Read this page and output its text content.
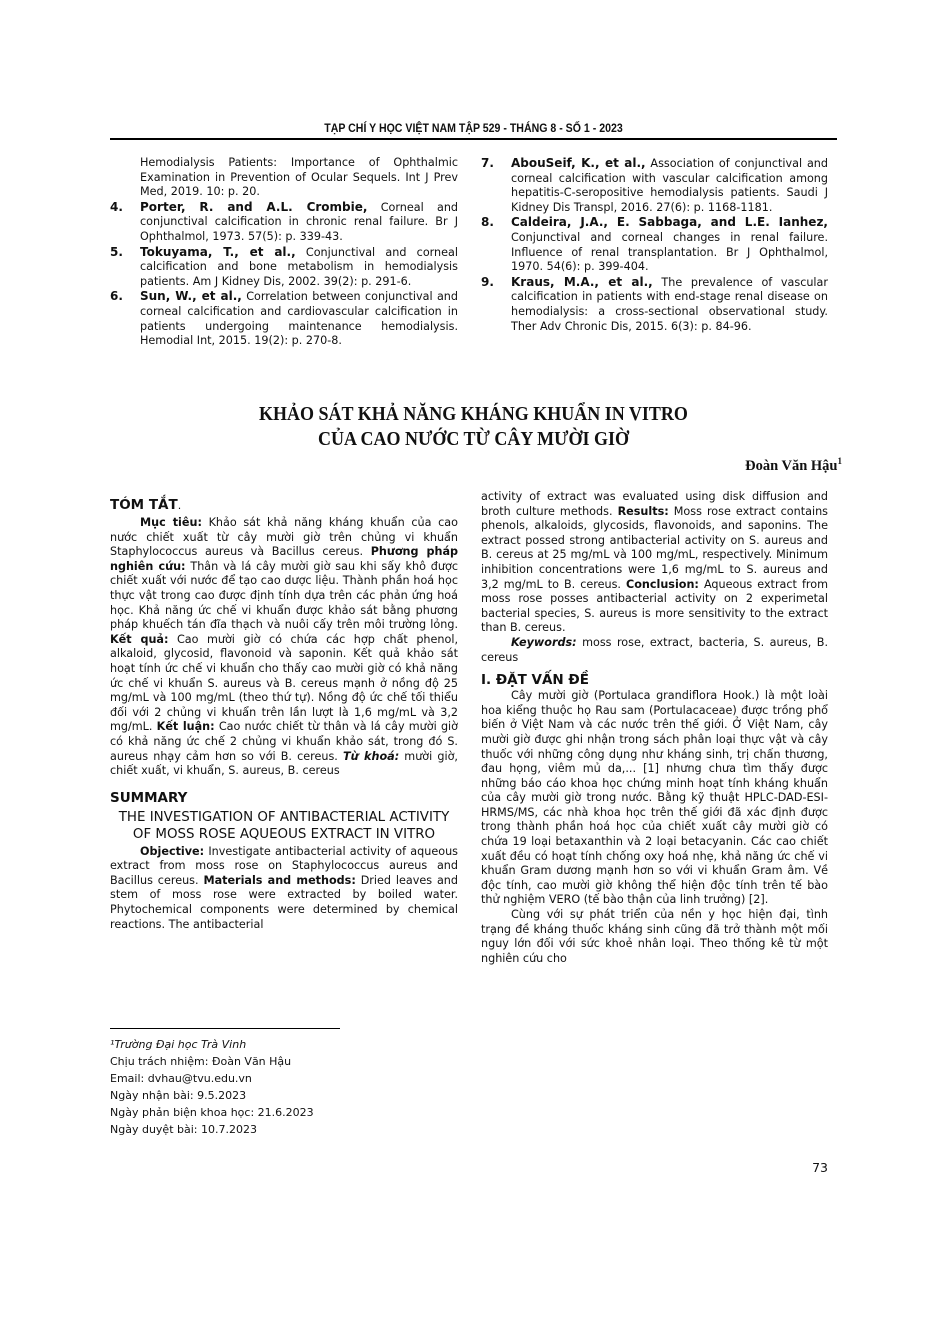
TẠP CHÍ Y HỌC VIỆT NAM TẬP 529 - THÁNG 8 - SỐ 1 - 2023

Hemodialysis Patients: Importance of Ophthalmic Examination in Prevention of Ocular Sequels. Int J Prev Med, 2019. 10: p. 20.

4. Porter, R. and A.L. Crombie, Corneal and conjunctival calcification in chronic renal failure. Br J Ophthalmol, 1973. 57(5): p. 339-43.

5. Tokuyama, T., et al., Conjunctival and corneal calcification and bone metabolism in hemodialysis patients. Am J Kidney Dis, 2002. 39(2): p. 291-6.

6. Sun, W., et al., Correlation between conjunctival and corneal calcification and cardiovascular calcification in patients undergoing maintenance hemodialysis. Hemodial Int, 2015. 19(2): p. 270-8.

7. AbouSeif, K., et al., Association of conjunctival and corneal calcification with vascular calcification among hepatitis-C-seropositive hemodialysis patients. Saudi J Kidney Dis Transpl, 2016. 27(6): p. 1168-1181.

8. Caldeira, J.A., E. Sabbaga, and L.E. Ianhez, Conjunctival and corneal changes in renal failure. Influence of renal transplantation. Br J Ophthalmol, 1970. 54(6): p. 399-404.

9. Kraus, M.A., et al., The prevalence of vascular calcification in patients with end-stage renal disease on hemodialysis: a cross-sectional observational study. Ther Adv Chronic Dis, 2015. 6(3): p. 84-96.

KHẢO SÁT KHẢ NĂNG KHÁNG KHUẨN IN VITRO
CỦA CAO NƯỚC TỪ CÂY MƯỜI GIỜ
Đoàn Văn Hậu$^1$
TÓM TẮT.

Mục tiêu: Khảo sát khả năng kháng khuẩn của cao nước chiết xuất từ cây mười giờ trên chủng vi khuẩn Staphylococcus aureus và Bacillus cereus. Phương pháp nghiên cứu: Thân và lá cây mười giờ sau khi sấy khô được chiết xuất với nước để tạo cao dược liệu. Thành phần hoá học thực vật trong cao được định tính dựa trên các phản ứng hoá học. Khả năng ức chế vi khuẩn được khảo sát bằng phương pháp khuếch tán đĩa thạch và nuôi cấy trên môi trường lỏng. Kết quả: Cao mười giờ có chứa các hợp chất phenol, alkaloid, glycosid, flavonoid và saponin. Kết quả khảo sát hoạt tính ức chế vi khuẩn cho thấy cao mười giờ có khả năng ức chế vi khuẩn S. aureus và B. cereus mạnh ở nồng độ 25 mg/mL và 100 mg/mL (theo thứ tự). Nồng độ ức chế tối thiểu đối với 2 chủng vi khuẩn trên lần lượt là 1,6 mg/mL và 3,2 mg/mL. Kết luận: Cao nước chiết từ thân và lá cây mười giờ có khả năng ức chế 2 chủng vi khuẩn khảo sát, trong đó S. aureus nhạy cảm hơn so với B. cereus. Từ khoá: mười giờ, chiết xuất, vi khuẩn, S. aureus, B. cereus

SUMMARY

THE INVESTIGATION OF ANTIBACTERIAL ACTIVITY OF MOSS ROSE AQUEOUS EXTRACT IN VITRO

Objective: Investigate antibacterial activity of aqueous extract from moss rose on Staphylococcus aureus and Bacillus cereus. Materials and methods: Dried leaves and stem of moss rose were extracted by boiled water. Phytochemical components were determined by chemical reactions. The antibacterial

¹Trường Đại học Trà Vinh
Chịu trách nhiệm: Đoàn Văn Hậu
Email: dvhau@tvu.edu.vn
Ngày nhận bài: 9.5.2023
Ngày phản biện khoa học: 21.6.2023
Ngày duyệt bài: 10.7.2023

activity of extract was evaluated using disk diffusion and broth culture methods. Results: Moss rose extract contains phenols, alkaloids, glycosids, flavonoids, and saponins. The extract possed strong antibacterial activity on S. aureus and B. cereus at 25 mg/mL và 100 mg/mL, respectively. Minimum inhibition concentrations were 1,6 mg/mL to S. aureus and 3,2 mg/mL to B. cereus. Conclusion: Aqueous extract from moss rose posses antibacterial activity on 2 experimetal bacterial species, S. aureus is more sensitivity to the extract than B. cereus.

Keywords: moss rose, extract, bacteria, S. aureus, B. cereus

I. ĐẶT VẤN ĐỀ

Cây mười giờ (Portulaca grandiflora Hook.) là một loài hoa kiểng thuộc họ Rau sam (Portulacaceae) được trồng phổ biến ở Việt Nam và các nước trên thế giới. Ở Việt Nam, cây mười giờ được ghi nhận trong sách phân loại thực vật và cây thuốc với những công dụng như kháng sinh, trị chấn thương, đau họng, viêm mủ da,... [1] nhưng chưa tìm thấy được những báo cáo khoa học chứng minh hoạt tính kháng khuẩn của cây mười giờ trong nước. Bằng kỹ thuật HPLC-DAD-ESI-HRMS/MS, các nhà khoa học trên thế giới đã xác định được trong thành phần hoá học của chiết xuất cây mười giờ có chứa 19 loại betaxanthin và 2 loại betacyanin. Các cao chiết xuất đều có hoạt tính chống oxy hoá nhẹ, khả năng ức chế vi khuẩn Gram dương mạnh hơn so với vi khuẩn Gram âm. Về độc tính, cao mười giờ không thể hiện độc tính trên tế bào thử nghiệm VERO (tế bào thận của linh trưởng) [2].

Cùng với sự phát triển của nền y học hiện đại, tình trạng đề kháng thuốc kháng sinh cũng đã trở thành một mối nguy lớn đối với sức khoẻ nhân loại. Theo thống kê từ một nghiên cứu cho

73
